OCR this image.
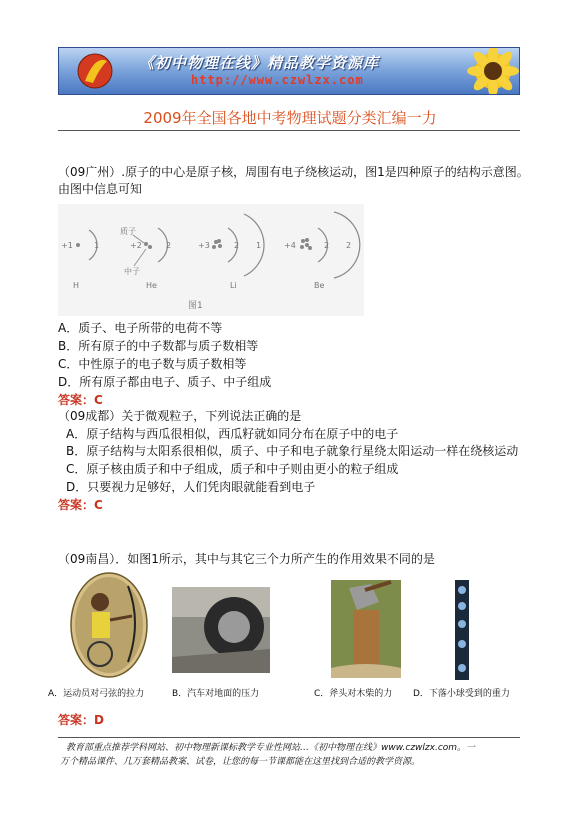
《初中物理在线》精品教学资源库
http://www.czwlzx.com
2009年全国各地中考物理试题分类汇编一力
（09广州）.原子的中心是原子核，周围有电子绕核运动，图1是四种原子的结构示意图。
由图中信息可知
+1	1
H
+2	2
质子
中子
He
+3	2 1
Li
+4	2 2
Be
图1
A．质子、电子所带的电荷不等
B．所有原子的中子数都与质子数相等
C．中性原子的电子数与质子数相等
D．所有原子都由电子、质子、中子组成
答案：C
（09成都）关于微观粒子，下列说法正确的是
A．原子结构与西瓜很相似，西瓜籽就如同分布在原子中的电子
B．原子结构与太阳系很相似，质子、中子和电子就象行星绕太阳运动一样在绕核运动
C．原子核由质子和中子组成，质子和中子则由更小的粒子组成
D．只要视力足够好，人们凭肉眼就能看到电子
答案：C
（09南昌）．如图1所示，其中与其它三个力所产生的作用效果不同的是
A．运动员对弓弦的拉力	B．汽车对地面的压力	C．斧头对木柴的力 D．下落小球受到的重力
答案：D
教育部重点推荐学科网站、初中物理新课标教学专业性网站…《初中物理在线》www.czwlzx.com。一
万个精品课件、几万套精品教案、试卷，让您的每一节课都能在这里找到合适的教学资源。
